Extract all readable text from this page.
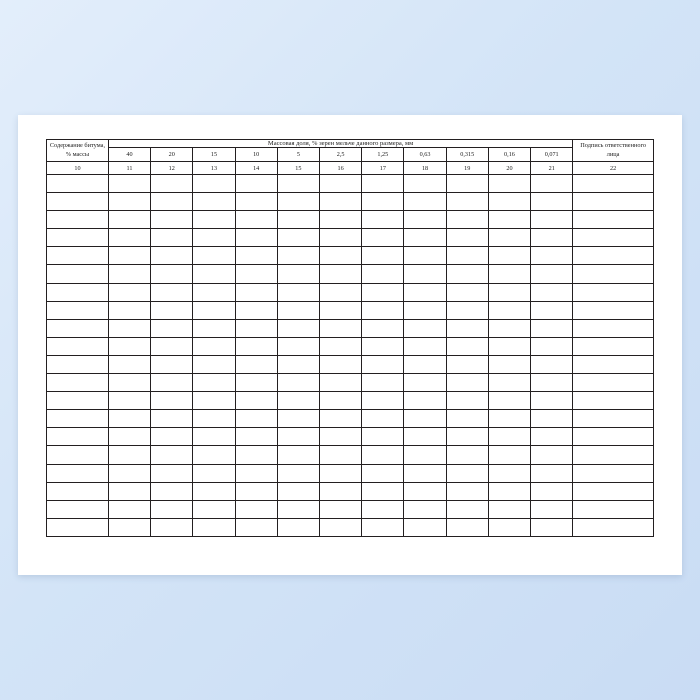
Содержание битума, % массы	Массовая доля, % зерен мельче данного размера, мм											Подпись ответственного лица
	40	20	15	10	5	2,5	1,25	0,63	0,315	0,16	0,071	
10	11	12	13	14	15	16	17	18	19	20	21	22
